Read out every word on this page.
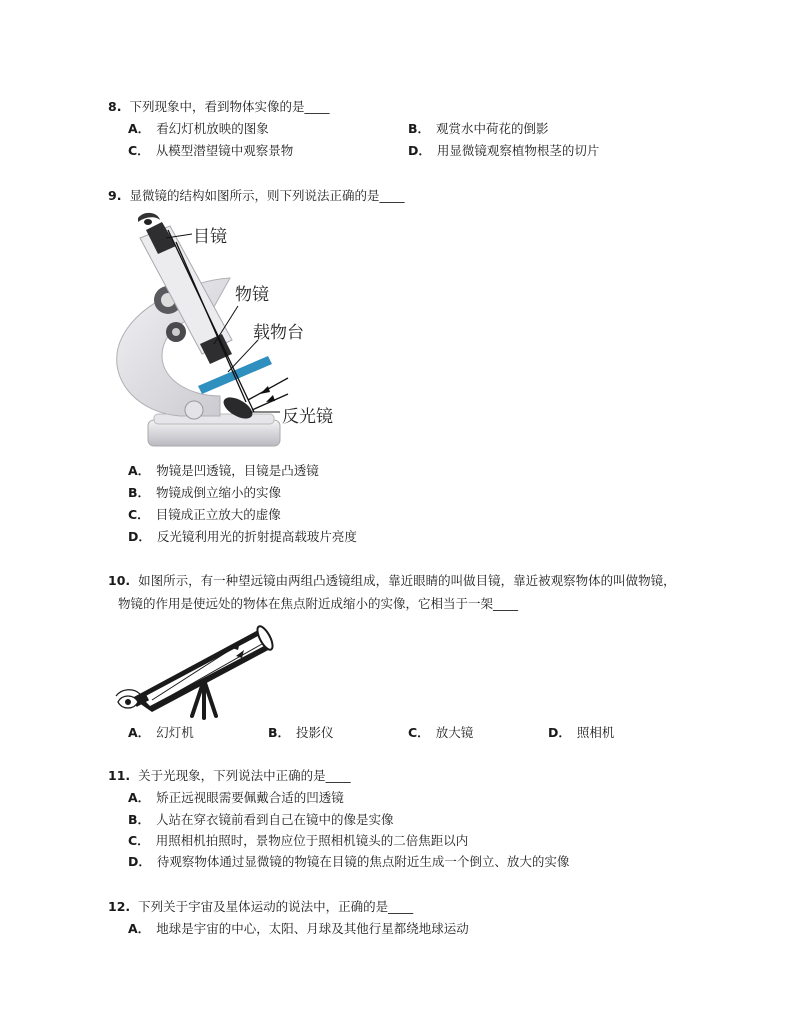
8. 下列现象中，看到物体实像的是____
A． 看幻灯机放映的图象	B． 观赏水中荷花的倒影
C． 从模型潜望镜中观察景物	D． 用显微镜观察植物根茎的切片
9. 显微镜的结构如图所示，则下列说法正确的是____
目镜
物镜
载物台
反光镜
A． 物镜是凹透镜，目镜是凸透镜
B． 物镜成倒立缩小的实像
C． 目镜成正立放大的虚像
D． 反光镜利用光的折射提高载玻片亮度
10. 如图所示，有一种望远镜由两组凸透镜组成，靠近眼睛的叫做目镜，靠近被观察物体的叫做物镜，
物镜的作用是使远处的物体在焦点附近成缩小的实像，它相当于一架____
A． 幻灯机	B． 投影仪	C． 放大镜	D． 照相机
11. 关于光现象，下列说法中正确的是____
A． 矫正远视眼需要佩戴合适的凹透镜
B． 人站在穿衣镜前看到自己在镜中的像是实像
C． 用照相机拍照时，景物应位于照相机镜头的二倍焦距以内
D． 待观察物体通过显微镜的物镜在目镜的焦点附近生成一个倒立、放大的实像
12. 下列关于宇宙及星体运动的说法中，正确的是____
A． 地球是宇宙的中心，太阳、月球及其他行星都绕地球运动
